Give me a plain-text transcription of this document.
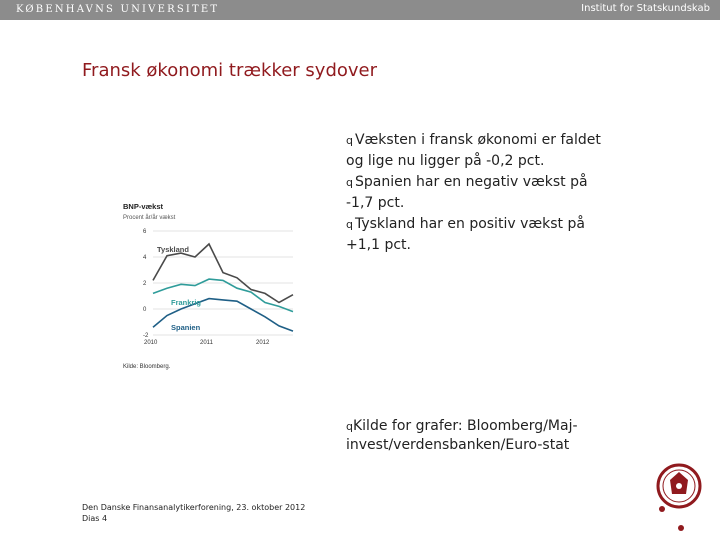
KØBENHAVNS UNIVERSITET	Institut for Statskundskab
Fransk økonomi trækker sydover
BNP-vækst
Procent år/år vækst
6
4
2
0
-2
2010	2011	2012
Tyskland
Frankrig
Spanien
Kilde: Bloomberg.

q Væksten i fransk økonomi er faldet og lige nu ligger på -0,2 pct.

q Spanien har en negativ vækst på -1,7 pct.

q Tyskland har en positiv vækst på +1,1 pct.

qKilde for grafer: Bloomberg/Maj-invest/verdensbanken/Euro-stat
Den Danske Finansanalytikerforening, 23. oktober 2012
Dias 4
